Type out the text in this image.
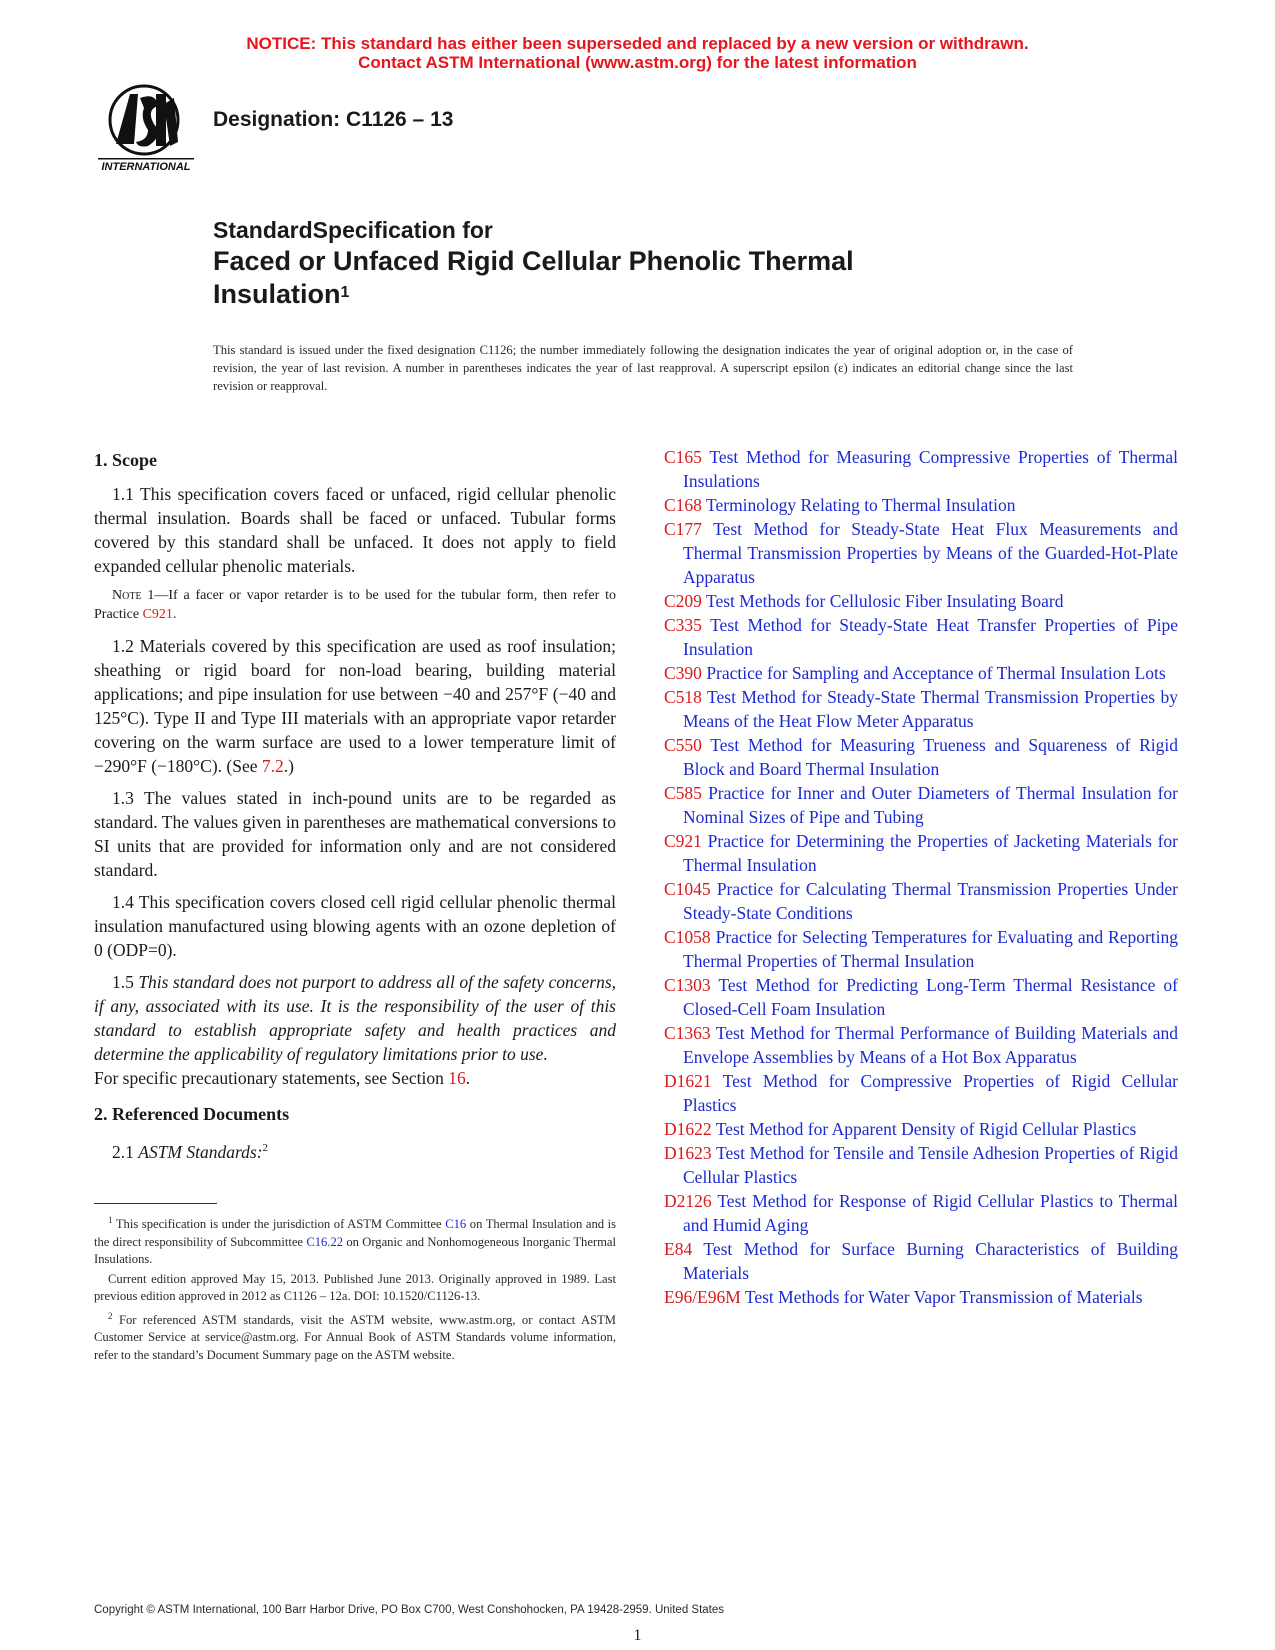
NOTICE: This standard has either been superseded and replaced by a new version or withdrawn.
Contact ASTM International (www.astm.org) for the latest information
INTERNATIONAL
Designation: C1126 – 13
StandardSpecification for
Faced or Unfaced Rigid Cellular Phenolic Thermal
Insulation$^1$
This standard is issued under the fixed designation C1126; the number immediately following the designation indicates the year of original adoption or, in the case of revision, the year of last revision. A number in parentheses indicates the year of last reapproval. A superscript epsilon (ε) indicates an editorial change since the last revision or reapproval.
1. Scope

1.1 This specification covers faced or unfaced, rigid cellular phenolic thermal insulation. Boards shall be faced or unfaced. Tubular forms covered by this standard shall be unfaced. It does not apply to field expanded cellular phenolic materials.

Note 1—If a facer or vapor retarder is to be used for the tubular form, then refer to Practice C921.

1.2 Materials covered by this specification are used as roof insulation; sheathing or rigid board for non-load bearing, building material applications; and pipe insulation for use between −40 and 257°F (−40 and 125°C). Type II and Type III materials with an appropriate vapor retarder covering on the warm surface are used to a lower temperature limit of −290°F (−180°C). (See 7.2.)

1.3 The values stated in inch-pound units are to be regarded as standard. The values given in parentheses are mathematical conversions to SI units that are provided for information only and are not considered standard.

1.4 This specification covers closed cell rigid cellular phenolic thermal insulation manufactured using blowing agents with an ozone depletion of 0 (ODP=0).

1.5 This standard does not purport to address all of the safety concerns, if any, associated with its use. It is the responsibility of the user of this standard to establish appropriate safety and health practices and determine the applicability of regulatory limitations prior to use.

For specific precautionary statements, see Section 16.

2. Referenced Documents

2.1 ASTM Standards:$^2$

$^1$ This specification is under the jurisdiction of ASTM Committee C16 on Thermal Insulation and is the direct responsibility of Subcommittee C16.22 on Organic and Nonhomogeneous Inorganic Thermal Insulations.

Current edition approved May 15, 2013. Published June 2013. Originally approved in 1989. Last previous edition approved in 2012 as C1126 – 12a. DOI: 10.1520/C1126-13.

$^2$ For referenced ASTM standards, visit the ASTM website, www.astm.org, or contact ASTM Customer Service at service@astm.org. For Annual Book of ASTM Standards volume information, refer to the standard’s Document Summary page on the ASTM website.

C165 Test Method for Measuring Compressive Properties of Thermal Insulations
C168 Terminology Relating to Thermal Insulation
C177 Test Method for Steady-State Heat Flux Measurements and Thermal Transmission Properties by Means of the Guarded-Hot-Plate Apparatus
C209 Test Methods for Cellulosic Fiber Insulating Board
C335 Test Method for Steady-State Heat Transfer Properties of Pipe Insulation
C390 Practice for Sampling and Acceptance of Thermal Insulation Lots
C518 Test Method for Steady-State Thermal Transmission Properties by Means of the Heat Flow Meter Apparatus
C550 Test Method for Measuring Trueness and Squareness of Rigid Block and Board Thermal Insulation
C585 Practice for Inner and Outer Diameters of Thermal Insulation for Nominal Sizes of Pipe and Tubing
C921 Practice for Determining the Properties of Jacketing Materials for Thermal Insulation
C1045 Practice for Calculating Thermal Transmission Properties Under Steady-State Conditions
C1058 Practice for Selecting Temperatures for Evaluating and Reporting Thermal Properties of Thermal Insulation
C1303 Test Method for Predicting Long-Term Thermal Resistance of Closed-Cell Foam Insulation
C1363 Test Method for Thermal Performance of Building Materials and Envelope Assemblies by Means of a Hot Box Apparatus
D1621 Test Method for Compressive Properties of Rigid Cellular Plastics
D1622 Test Method for Apparent Density of Rigid Cellular Plastics
D1623 Test Method for Tensile and Tensile Adhesion Properties of Rigid Cellular Plastics
D2126 Test Method for Response of Rigid Cellular Plastics to Thermal and Humid Aging
E84 Test Method for Surface Burning Characteristics of Building Materials
E96/E96M Test Methods for Water Vapor Transmission of Materials
Copyright © ASTM International, 100 Barr Harbor Drive, PO Box C700, West Conshohocken, PA 19428-2959. United States
1
